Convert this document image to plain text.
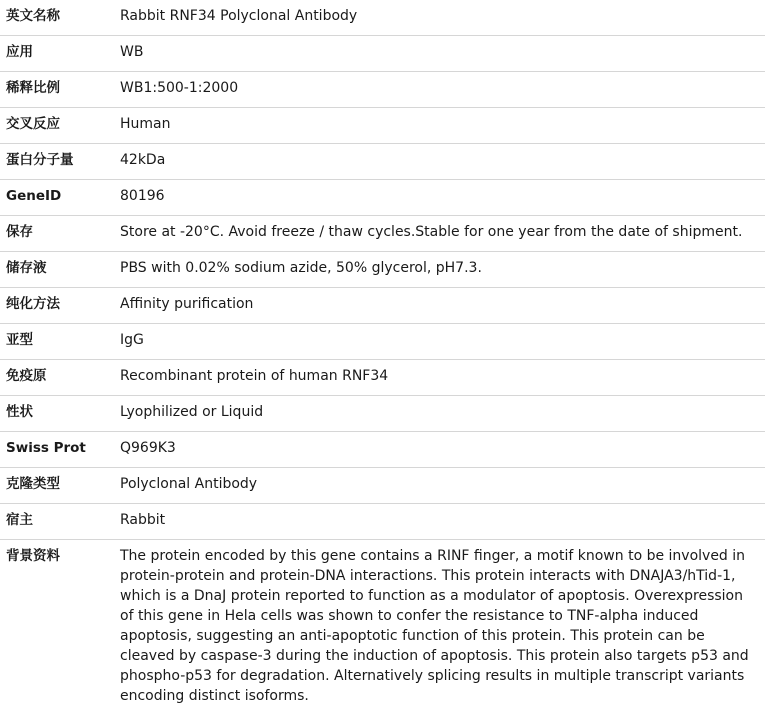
英文名称	Rabbit RNF34 Polyclonal Antibody
应用	WB
稀释比例	WB1:500-1:2000
交叉反应	Human
蛋白分子量	42kDa
GeneID	80196
保存	Store at -20°C. Avoid freeze / thaw cycles.Stable for one year from the date of shipment.
储存液	PBS with 0.02% sodium azide, 50% glycerol, pH7.3.
纯化方法	Affinity purification
亚型	IgG
免疫原	Recombinant protein of human RNF34
性状	Lyophilized or Liquid
Swiss Prot	Q969K3
克隆类型	Polyclonal Antibody
宿主	Rabbit
背景资料	The protein encoded by this gene contains a RINF finger, a motif known to be involved in protein-protein and protein-DNA interactions. This protein interacts with DNAJA3/hTid-1, which is a DnaJ protein reported to function as a modulator of apoptosis. Overexpression of this gene in Hela cells was shown to confer the resistance to TNF-alpha induced apoptosis, suggesting an anti-apoptotic function of this protein. This protein can be cleaved by caspase-3 during the induction of apoptosis. This protein also targets p53 and phospho-p53 for degradation. Alternatively splicing results in multiple transcript variants encoding distinct isoforms.
